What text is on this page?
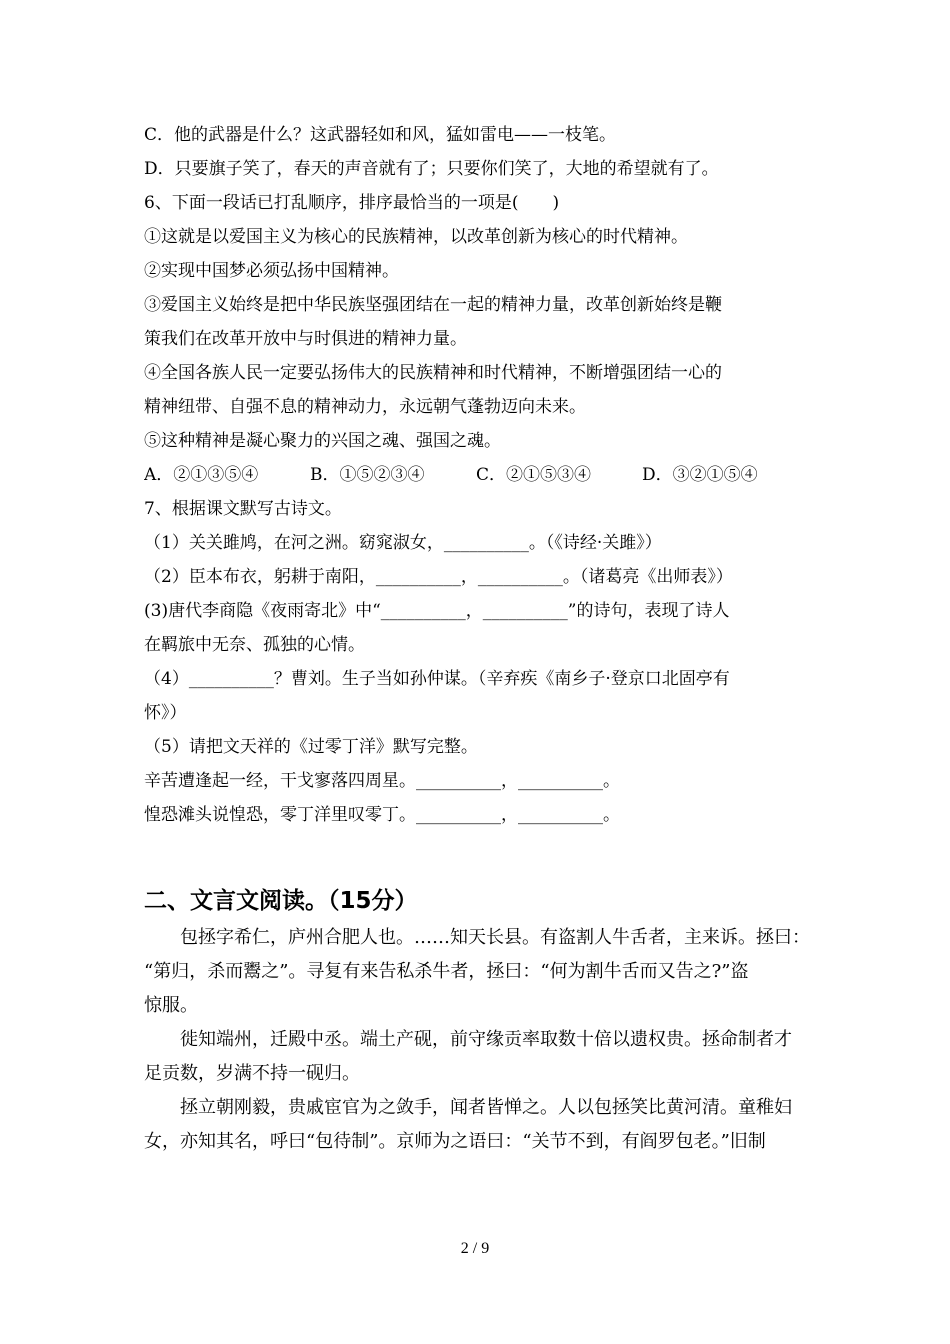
C．他的武器是什么？这武器轻如和风，猛如雷电——一枝笔。
D．只要旗子笑了，春天的声音就有了；只要你们笑了，大地的希望就有了。
6、下面一段话已打乱顺序，排序最恰当的一项是(　　)
①这就是以爱国主义为核心的民族精神，以改革创新为核心的时代精神。
②实现中国梦必须弘扬中国精神。
③爱国主义始终是把中华民族坚强团结在一起的精神力量，改革创新始终是鞭
策我们在改革开放中与时俱进的精神力量。
④全国各族人民一定要弘扬伟大的民族精神和时代精神，不断增强团结一心的
精神纽带、自强不息的精神动力，永远朝气蓬勃迈向未来。
⑤这种精神是凝心聚力的兴国之魂、强国之魂。
A．②①③⑤④	B．①⑤②③④	C．②①⑤③④	D．③②①⑤④
7、根据课文默写古诗文。
（1）关关雎鸠，在河之洲。窈窕淑女，__________。（《诗经·关雎》）
（2）臣本布衣，躬耕于南阳，__________，__________。（诸葛亮《出师表》）
(3)唐代李商隐《夜雨寄北》中“__________，__________”的诗句，表现了诗人
在羁旅中无奈、孤独的心情。
（4）__________？曹刘。生子当如孙仲谋。（辛弃疾《南乡子·登京口北固亭有
怀》）
（5）请把文天祥的《过零丁洋》默写完整。
辛苦遭逢起一经，干戈寥落四周星。__________，__________。
惶恐滩头说惶恐，零丁洋里叹零丁。__________，__________。
二、文言文阅读。（15分）
包拯字希仁，庐州合肥人也。……知天长县。有盗割人牛舌者，主来诉。拯曰：
“第归，杀而鬻之”。寻复有来告私杀牛者，拯曰：“何为割牛舌而又告之?”盗
惊服。
徙知端州，迁殿中丞。端土产砚，前守缘贡率取数十倍以遗权贵。拯命制者才
足贡数，岁满不持一砚归。
拯立朝刚毅，贵戚宦官为之敛手，闻者皆惮之。人以包拯笑比黄河清。童稚妇
女，亦知其名，呼曰“包待制”。京师为之语曰：“关节不到，有阎罗包老。”旧制
2 / 9
